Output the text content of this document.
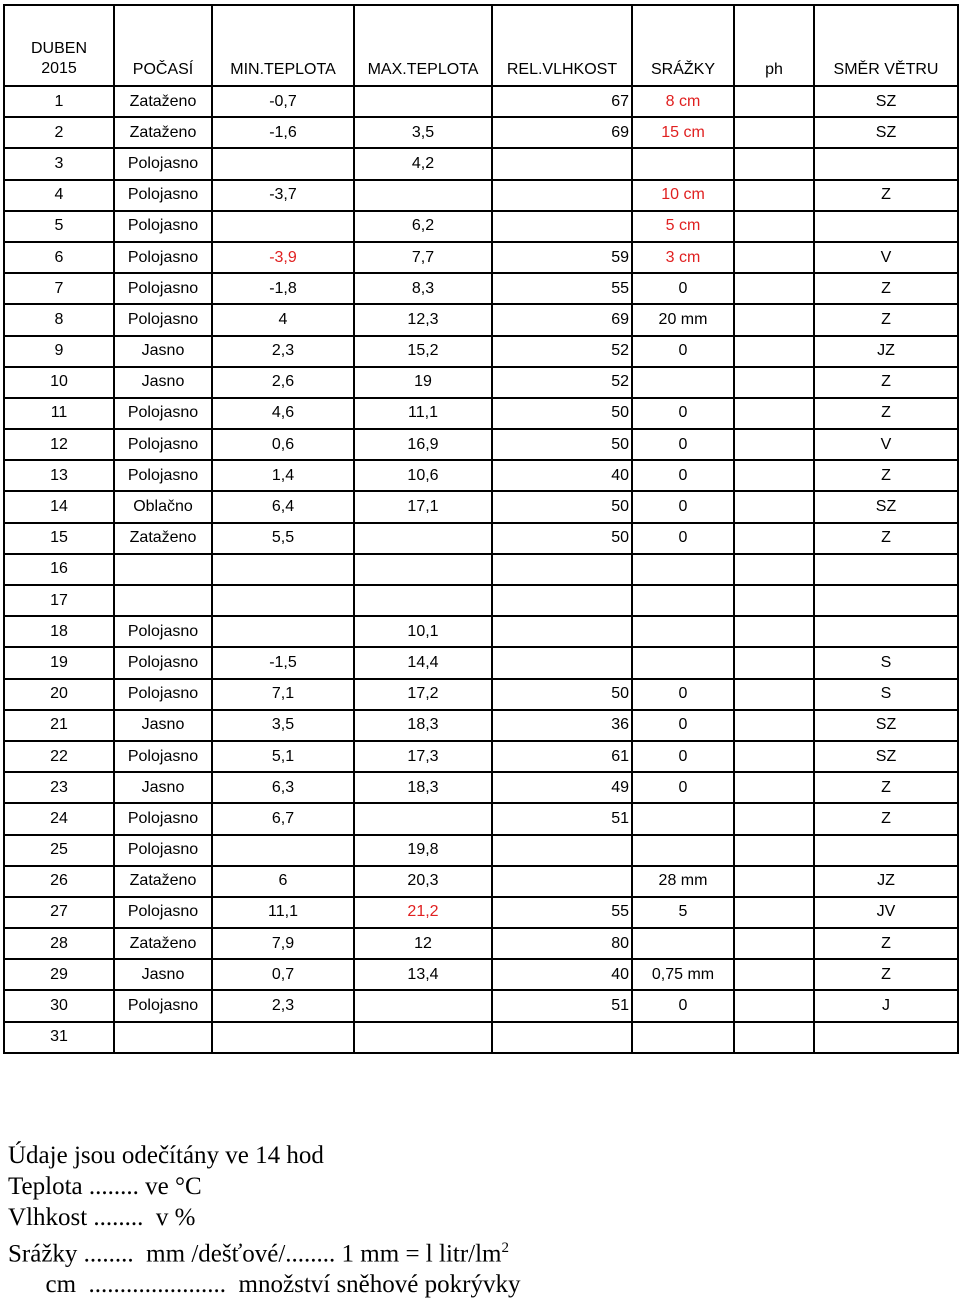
DUBEN
2015	POČASÍ	MIN.TEPLOTA	MAX.TEPLOTA	REL.VLHKOST	SRÁŽKY	ph	SMĚR VĚTRU
1	Zataženo	-0,7		67	8 cm		SZ
2	Zataženo	-1,6	3,5	69	15 cm		SZ
3	Polojasno		4,2				
4	Polojasno	-3,7			10 cm		Z
5	Polojasno		6,2		5 cm		
6	Polojasno	-3,9	7,7	59	3 cm		V
7	Polojasno	-1,8	8,3	55	0		Z
8	Polojasno	4	12,3	69	20 mm		Z
9	Jasno	2,3	15,2	52	0		JZ
10	Jasno	2,6	19	52			Z
11	Polojasno	4,6	11,1	50	0		Z
12	Polojasno	0,6	16,9	50	0		V
13	Polojasno	1,4	10,6	40	0		Z
14	Oblačno	6,4	17,1	50	0		SZ
15	Zataženo	5,5		50	0		Z
16							
17							
18	Polojasno		10,1				
19	Polojasno	-1,5	14,4				S
20	Polojasno	7,1	17,2	50	0		S
21	Jasno	3,5	18,3	36	0		SZ
22	Polojasno	5,1	17,3	61	0		SZ
23	Jasno	6,3	18,3	49	0		Z
24	Polojasno	6,7		51			Z
25	Polojasno		19,8				
26	Zataženo	6	20,3		28 mm		JZ
27	Polojasno	11,1	21,2	55	5		JV
28	Zataženo	7,9	12	80			Z
29	Jasno	0,7	13,4	40	0,75 mm		Z
30	Polojasno	2,3		51	0		J
31							
Údaje jsou odečítány ve 14 hod
Teplota ........ ve °C
Vlhkost ........  v %
Srážky ........  mm /dešťové/........ 1 mm = l litr/$lm^2$
cm  ......................  množství sněhové pokrývky
